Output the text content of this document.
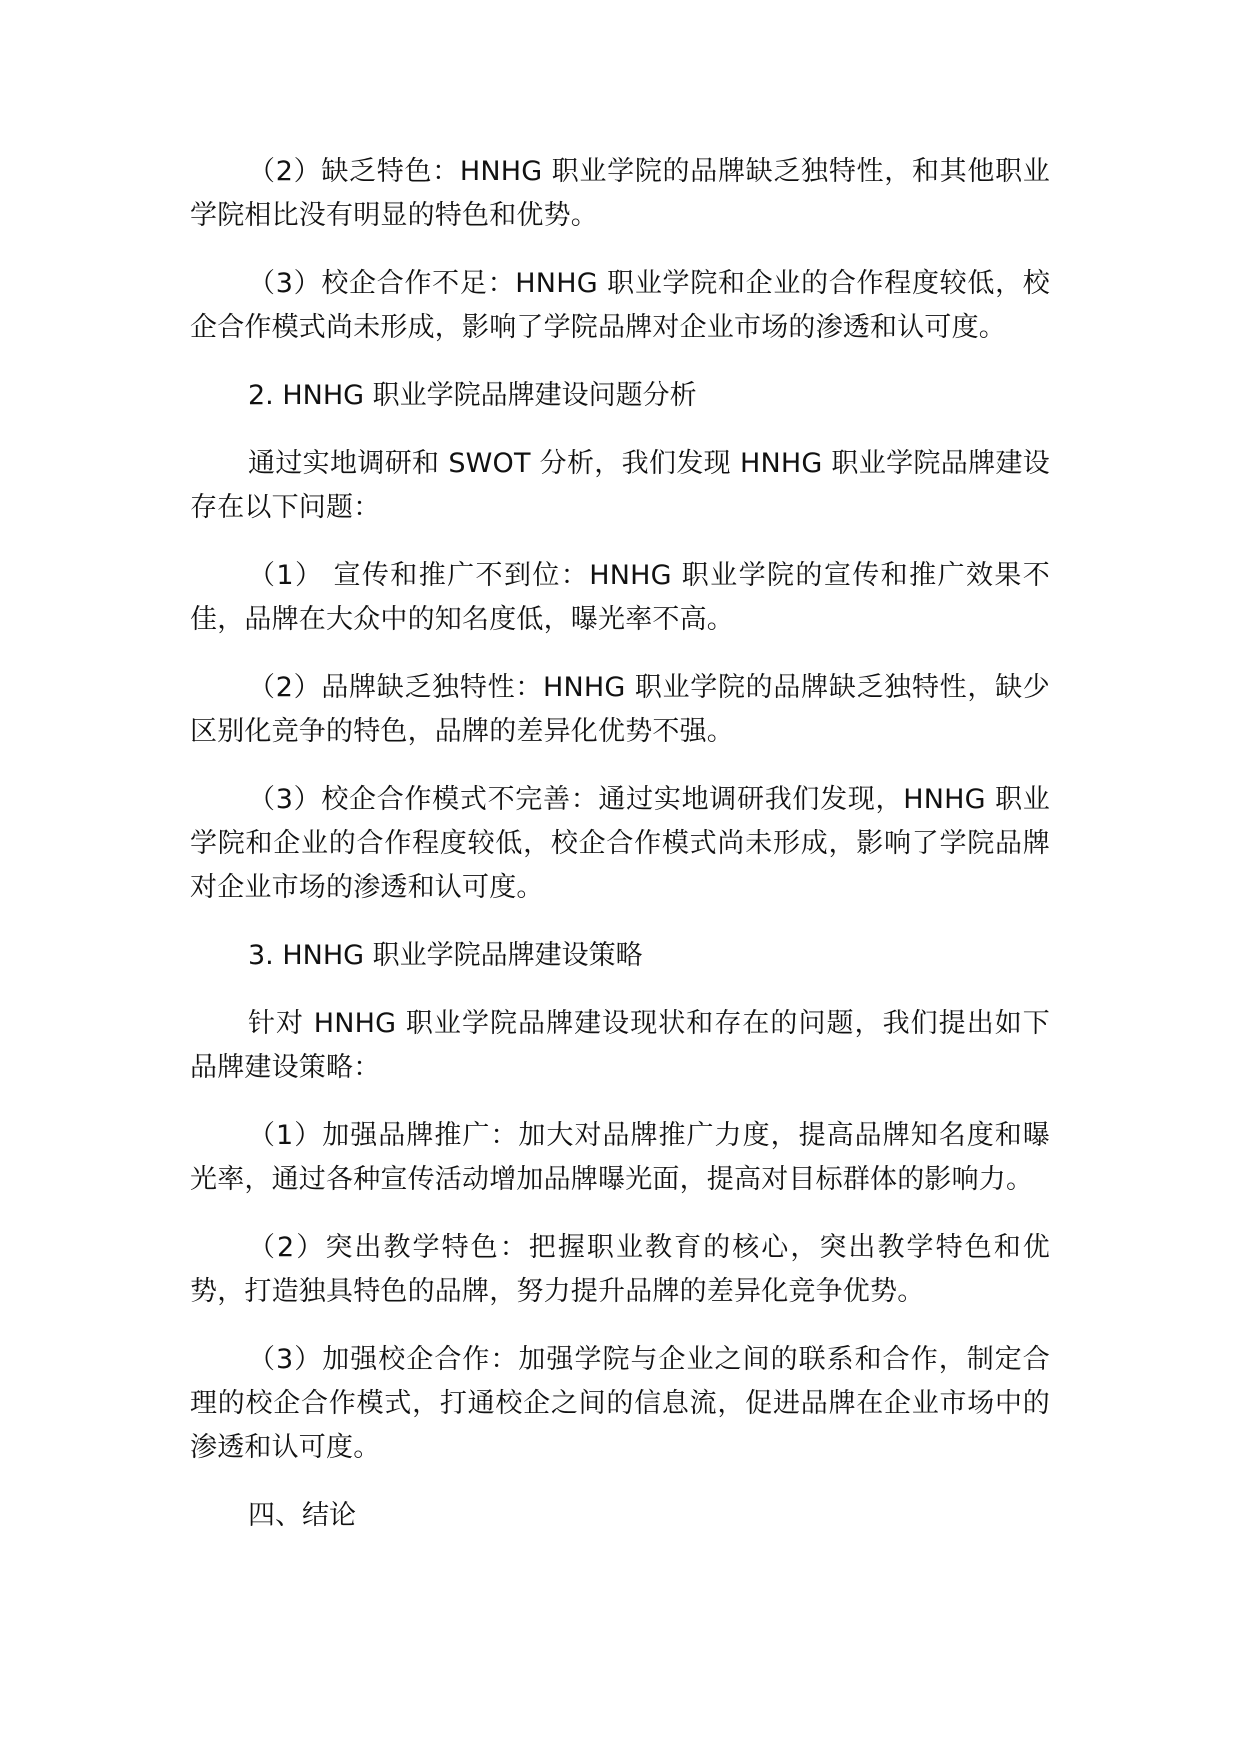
（2）缺乏特色：HNHG 职业学院的品牌缺乏独特性，和其他职业学院相比没有明显的特色和优势。

（3）校企合作不足：HNHG 职业学院和企业的合作程度较低，校企合作模式尚未形成，影响了学院品牌对企业市场的渗透和认可度。

2. HNHG 职业学院品牌建设问题分析

通过实地调研和 SWOT 分析，我们发现 HNHG 职业学院品牌建设存在以下问题：

（1） 宣传和推广不到位：HNHG 职业学院的宣传和推广效果不佳，品牌在大众中的知名度低，曝光率不高。

（2）品牌缺乏独特性：HNHG 职业学院的品牌缺乏独特性，缺少区别化竞争的特色，品牌的差异化优势不强。

（3）校企合作模式不完善：通过实地调研我们发现，HNHG 职业学院和企业的合作程度较低，校企合作模式尚未形成，影响了学院品牌对企业市场的渗透和认可度。

3. HNHG 职业学院品牌建设策略

针对 HNHG 职业学院品牌建设现状和存在的问题，我们提出如下品牌建设策略：

（1）加强品牌推广：加大对品牌推广力度，提高品牌知名度和曝光率，通过各种宣传活动增加品牌曝光面，提高对目标群体的影响力。

（2）突出教学特色：把握职业教育的核心，突出教学特色和优势，打造独具特色的品牌，努力提升品牌的差异化竞争优势。

（3）加强校企合作：加强学院与企业之间的联系和合作，制定合理的校企合作模式，打通校企之间的信息流，促进品牌在企业市场中的渗透和认可度。

四、结论
